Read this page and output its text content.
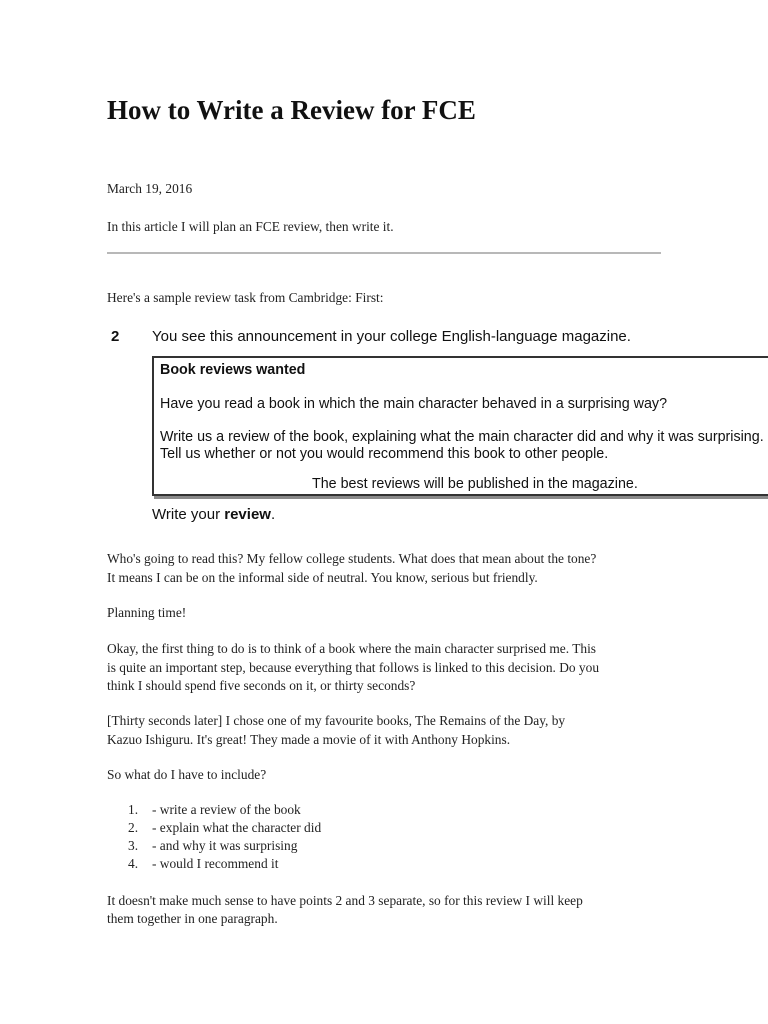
How to Write a Review for FCE

March 19, 2016

In this article I will plan an FCE review, then write it.

Here's a sample review task from Cambridge: First:

2 You see this announcement in your college English-language magazine.
Book reviews wanted
Have you read a book in which the main character behaved in a surprising way?
Write us a review of the book, explaining what the main character did and why it was surprising.
Tell us whether or not you would recommend this book to other people.
The best reviews will be published in the magazine.
Write your review.

Who's going to read this? My fellow college students. What does that mean about the tone?

It means I can be on the informal side of neutral. You know, serious but friendly.

Planning time!

Okay, the first thing to do is to think of a book where the main character surprised me. This

is quite an important step, because everything that follows is linked to this decision. Do you

think I should spend five seconds on it, or thirty seconds?

[Thirty seconds later] I chose one of my favourite books, The Remains of the Day, by

Kazuo Ishiguru. It's great! They made a movie of it with Anthony Hopkins.

So what do I have to include?

1.	- write a review of the book
2.	- explain what the character did
3.	- and why it was surprising
4.	- would I recommend it

It doesn't make much sense to have points 2 and 3 separate, so for this review I will keep

them together in one paragraph.
